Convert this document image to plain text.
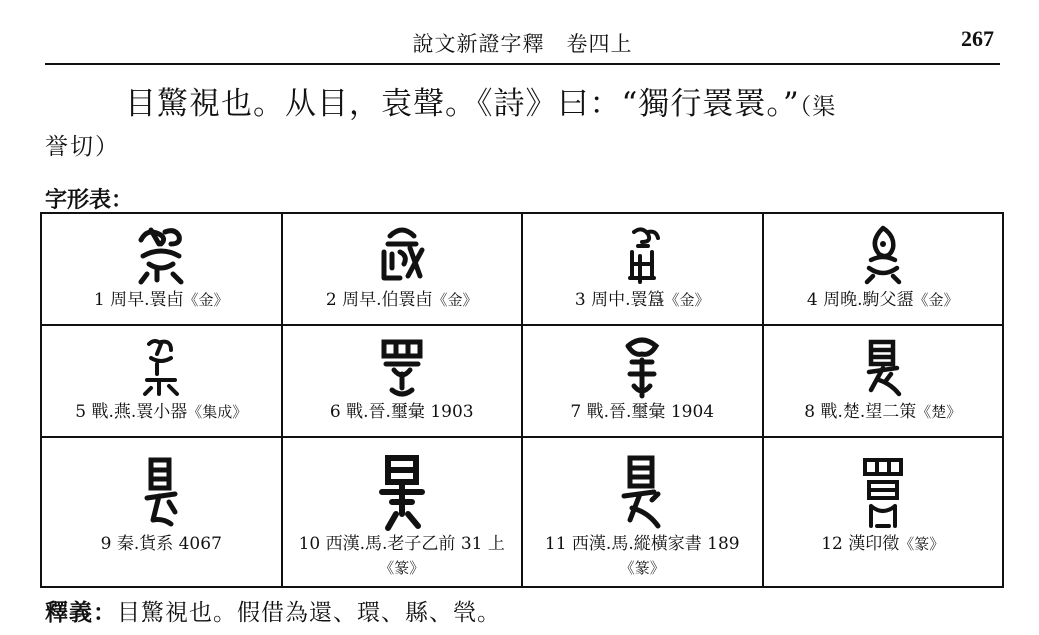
說文新證字釋　卷四上	267
目驚視也。从目，袁聲。《詩》曰：“獨行瞏瞏。”（渠
誉切）
字形表：
1 周早.瞏卣《金》	2 周早.伯瞏卣《金》	3 周中.瞏簋《金》	4 周晚.駒父盨《金》

5 戰.燕.瞏小器《集成》	6 戰.晉.璽彙 1903	7 戰.晉.璽彙 1904	8 戰.楚.望二策《楚》

9 秦.貨系 4067	10 西漢.馬.老子乙前 31 上
《篆》	11 西漢.馬.縱橫家書 189《篆》	12 漢印徵《篆》
釋義：目驚視也。假借為還、環、縣、煢。
